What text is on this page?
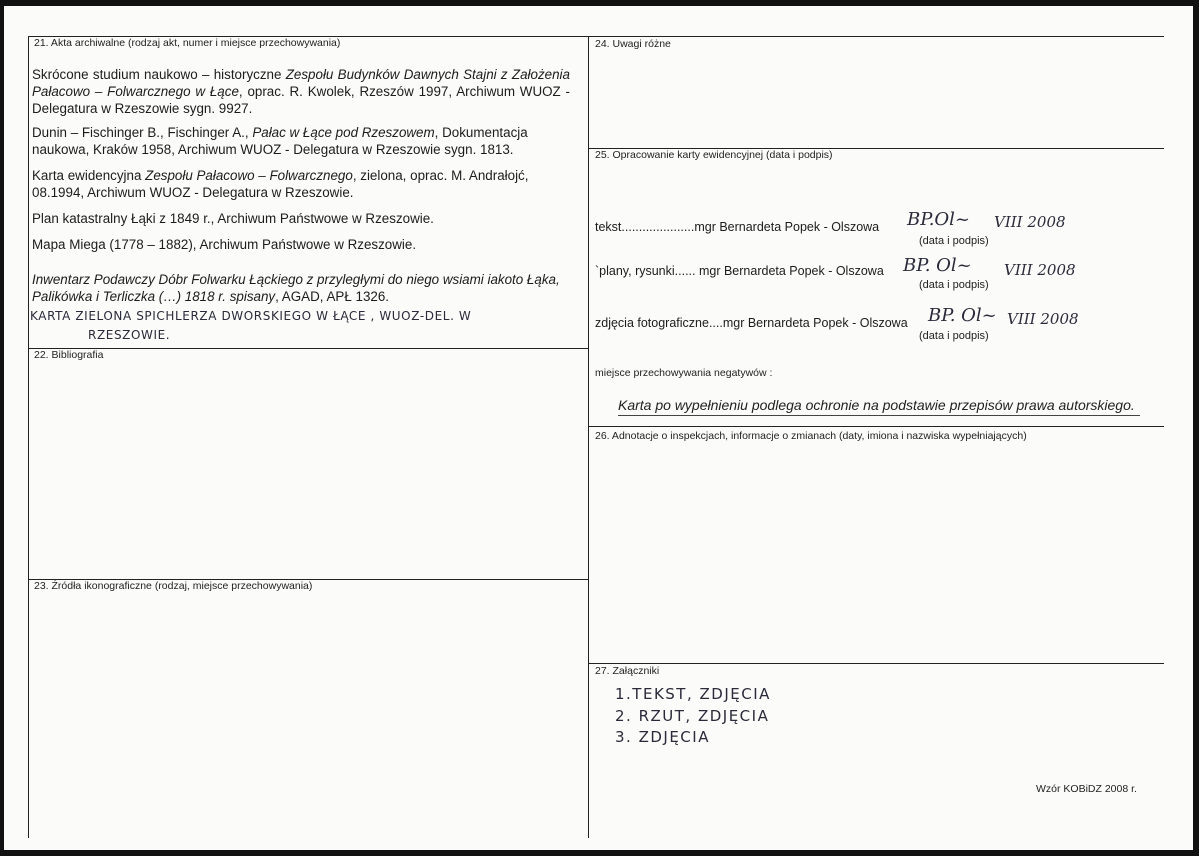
21. Akta archiwalne (rodzaj akt, numer i miejsce przechowywania)
Skrócone studium naukowo – historyczne Zespołu Budynków Dawnych Stajni z Założenia Pałacowo – Folwarcznego w Łące, oprac. R. Kwolek, Rzeszów 1997, Archiwum WUOZ - Delegatura w Rzeszowie sygn. 9927.
Dunin – Fischinger B., Fischinger A., Pałac w Łące pod Rzeszowem, Dokumentacja naukowa, Kraków 1958, Archiwum WUOZ - Delegatura w Rzeszowie sygn. 1813.
Karta ewidencyjna Zespołu Pałacowo – Folwarcznego, zielona, oprac. M. Andrałojć, 08.1994, Archiwum WUOZ - Delegatura w Rzeszowie.
Plan katastralny Łąki z 1849 r., Archiwum Państwowe w Rzeszowie.
Mapa Miega (1778 – 1882), Archiwum Państwowe w Rzeszowie.
Inwentarz Podawczy Dóbr Folwarku Łąckiego z przyległymi do niego wsiami iakoto Łąka, Palikówka i Terliczka (…) 1818 r. spisany, AGAD, APŁ 1326.
KARTA ZIELONA SPICHLERZA DWORSKIEGO W ŁĄCE , WUOZ-DEL. W
RZESZOWIE.
22. Bibliografia
23. Źródła ikonograficzne (rodzaj, miejsce przechowywania)
24. Uwagi różne
25. Opracowanie karty ewidencyjnej (data i podpis)
tekst.....................mgr Bernardeta Popek - Olszowa BP.Ol~ VIII 2008
(data i podpis)
`plany, rysunki...... mgr Bernardeta Popek - Olszowa BP. Ol~ VIII 2008
(data i podpis)
zdjęcia fotograficzne....mgr Bernardeta Popek - Olszowa BP. Ol~ VIII 2008
(data i podpis)
miejsce przechowywania negatywów :
Karta po wypełnieniu podlega ochronie na podstawie przepisów prawa autorskiego.
26. Adnotacje o inspekcjach, informacje o zmianach (daty, imiona i nazwiska wypełniających)
27. Załączniki
1.TEKST, ZDJĘCIA
2. RZUT, ZDJĘCIA
3. ZDJĘCIA
Wzór KOBiDZ 2008 r.
